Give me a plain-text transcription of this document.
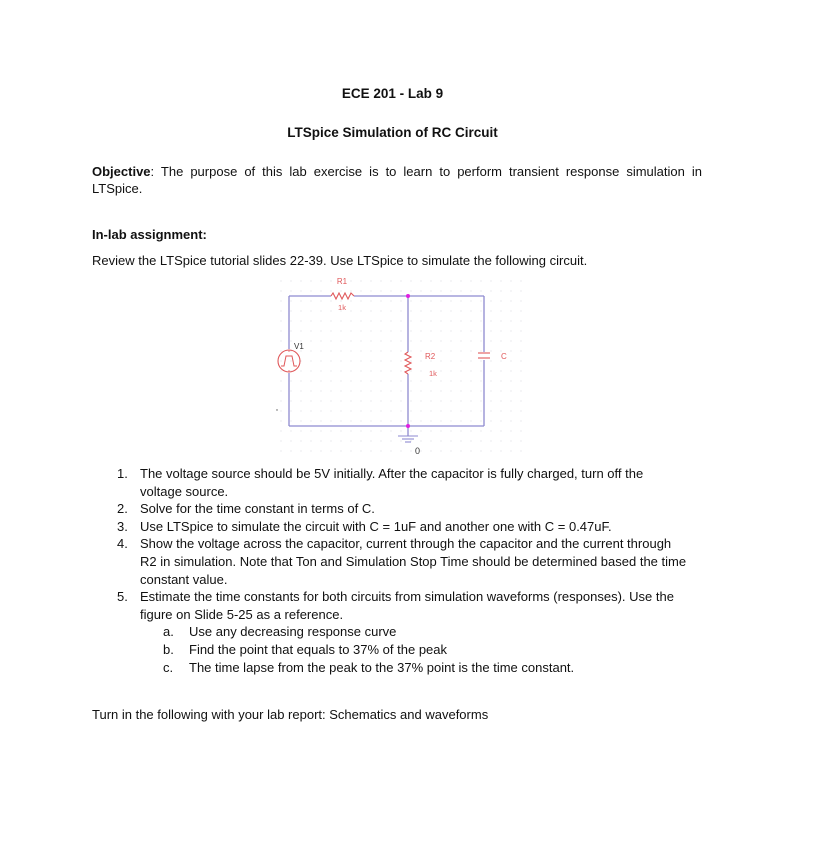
ECE 201 - Lab 9
LTSpice Simulation of RC Circuit
Objective: The purpose of this lab exercise is to learn to perform transient response simulation in LTSpice.
In-lab assignment:
Review the LTSpice tutorial slides 22-39. Use LTSpice to simulate the following circuit.
R1
1k
R2
1k
C
V1
0
1. The voltage source should be 5V initially. After the capacitor is fully charged, turn off the voltage source.
2. Solve for the time constant in terms of C.
3. Use LTSpice to simulate the circuit with C = 1uF and another one with C = 0.47uF.
4. Show the voltage across the capacitor, current through the capacitor and the current through R2 in simulation. Note that Ton and Simulation Stop Time should be determined based the time constant value.
5. Estimate the time constants for both circuits from simulation waveforms (responses). Use the figure on Slide 5-25 as a reference.
a.	Use any decreasing response curve
b.	Find the point that equals to 37% of the peak
c.	The time lapse from the peak to the 37% point is the time constant.
Turn in the following with your lab report: Schematics and waveforms
